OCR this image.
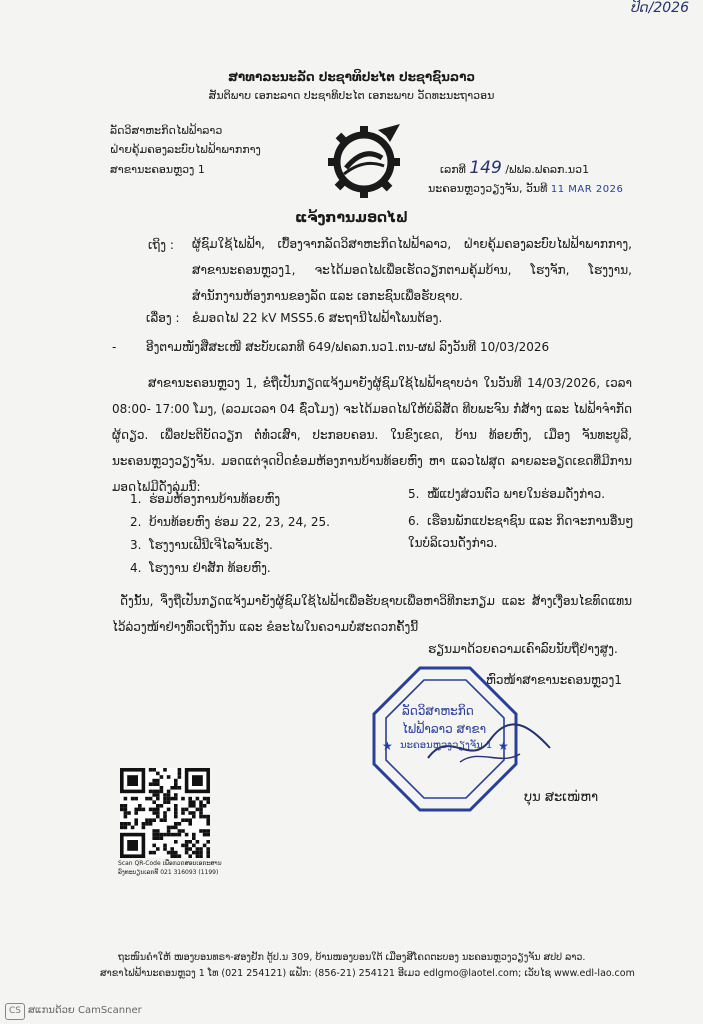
ປິດ/2026
ສາທາລະນະລັດ ປະຊາທິປະໄຕ ປະຊາຊົນລາວ
ສັນຕິພາບ ເອກະລາດ ປະຊາທິປະໄຕ ເອກະພາບ ວັດທະນະຖາວອນ
ລັດວິສາຫະກິດໄຟຟ້າລາວ
ຝ່າຍຄຸ້ມຄອງລະບົບໄຟຟ້າພາກກາງ
ສາຂານະຄອນຫຼວງ 1	ເລກທີ 149 /ຟຟລ.ຟຄລກ.ນວ1
ນະຄອນຫຼວງວຽງຈັນ, ວັນທີ 11 MAR 2026
ແຈ້ງການມອດໄຟ
ເຖິງ : ຜູ້ຊົມໃຊ້ໄຟຟ້າ, ເບື້ອງຈາກລັດວິສາຫະກິດໄຟຟ້າລາວ, ຝ່າຍຄຸ້ມຄອງລະບົບໄຟຟ້າພາກກາງ, ສາຂານະຄອນຫຼວງ1, ຈະໄດ້ມອດໄຟເພື່ອເຮັດວຽກຕາມຄຸ້ມບ້ານ, ໂຮງຈັກ, ໂຮງງານ, ສຳນັກງານຫ້ອງການຂອງລັດ ແລະ ເອກະຊົນເພື່ອຮັບຊາບ.
ເລື່ອງ : ຂໍມອດໄຟ 22 kV MSS5.6 ສະຖານີໄຟຟ້າໂພນຕ້ອງ.
- ອີງຕາມໜັງສືສະເໜີ ສະບັບເລກທີ 649/ຟຄລກ.ນວ1.ຕນ-ຜຟ ລົງວັນທີ 10/03/2026
ສາຂານະຄອນຫຼວງ 1, ຂໍຖືເປັນກຽດແຈ້ງມາຍັງຜູ້ຊົມໃຊ້ໄຟຟ້າຊາບວ່າ ໃນວັນທີ 14/03/2026, ເວລາ 08:00- 17:00 ໂມງ, (ລວມເວລາ 04 ຊົ່ວໂມງ) ຈະໄດ້ມອດໄຟໃຫ້ບໍລິສັດ ທີບພະຈົນ ກໍ່ສ້າງ ແລະ ໄຟຟ້າຈຳກັດຜູ້ດຽວ. ເພື່ອປະຕິບັດວຽກ ຕໍ່ທໍ່ວເສົາ, ປະກອບຄອນ. ໃນຂົງເຂດ, ບ້ານ ທ້ອຍຫົງ, ເມືອງ ຈັນທະບູລີ, ນະຄອນຫຼວງວຽງຈັນ. ມອດແຕ່ຈຸດປິດຂໍ່ອມຫ້ອງການບ້ານທ້ອຍຫົງ ຫາ ແລວໄຟສຸດ ລາຍລະອຽດເຂດທີ່ມີການມອດໄຟມີດັ່ງລຸ່ມນີ້:
1.  ຮ່ອມຫ້ອງການບ້ານທ້ອຍຫົງ
2.  ບ້ານທ້ອຍຫົງ ຮ່ອມ 22, 23, 24, 25.
3.  ໂຮງງານເຟີນີເຈີໄລຈັນເຮັງ.
4.  ໂຮງງານ ຢ່າສັກ ທ້ອຍຫົງ.
5.  ໝໍ້ແປງສ່ວນຕົວ ພາຍໃນຮ່ອມດັ່ງກ່າວ.
6.  ເຮືອນພັກແປະຊາຊົນ ແລະ ກິດຈະການອື່ນໆ ໃນບໍລິເວນດັ່ງກ່າວ.
ດັ່ງນັ້ນ, ຈຶ່ງຖືເປັນກຽດແຈ້ງມາຍັງຜູ້ຊົມໃຊ້ໄຟຟ້າເພື່ອຮັບຊາບເພື່ອຫາວິທີກະກຽມ ແລະ ສ້າງເງື່ອນໄຂທົດແທນໄວ້ລ່ວງໜ້າຢ່າງທົ່ວເຖິງກັນ ແລະ ຂໍອະໄພໃນຄວາມບໍ່ສະດວກຄັ້ງນີ້
ຮຽນມາດ້ວຍຄວາມເຄົາລົບນັບຖືຢ່າງສູງ.
ຫົວໜ້າສາຂານະຄອນຫຼວງ1
★	★
ລັດວິສາຫະກິດ
ໄຟຟ້າລາວ ສາຂາ
ນະຄອນຫຼວງວຽງຈັນ 1
ບຸນ ສະເໜ່ຫາ
Scan QR-Code ເພື່ອກວດສອບເອກະສານ
ລົງທະບຽນເລກທີ 021 316093 (1199)
ຖະໜົນຄໍາໃຫ້ ໜອງບອນທຣາ-ສອງຢັກ ຕູ້ປ.ນ 309, ບ້ານໜອງບອນໃຕ້ ເມືອງສີໂຄດຕະບອງ ນະຄອນຫຼວງວຽງຈັນ ສປປ ລາວ.
ສາຂາໄຟຟ້ານະຄອນຫຼວງ 1 ໂທ (021 254121) ແຟັກ: (856-21) 254121 ອີເມວ edlgmo@laotel.com; ເວັບໄຊ www.edl-lao.com
CS ສແກນດ້ວຍ CamScanner
